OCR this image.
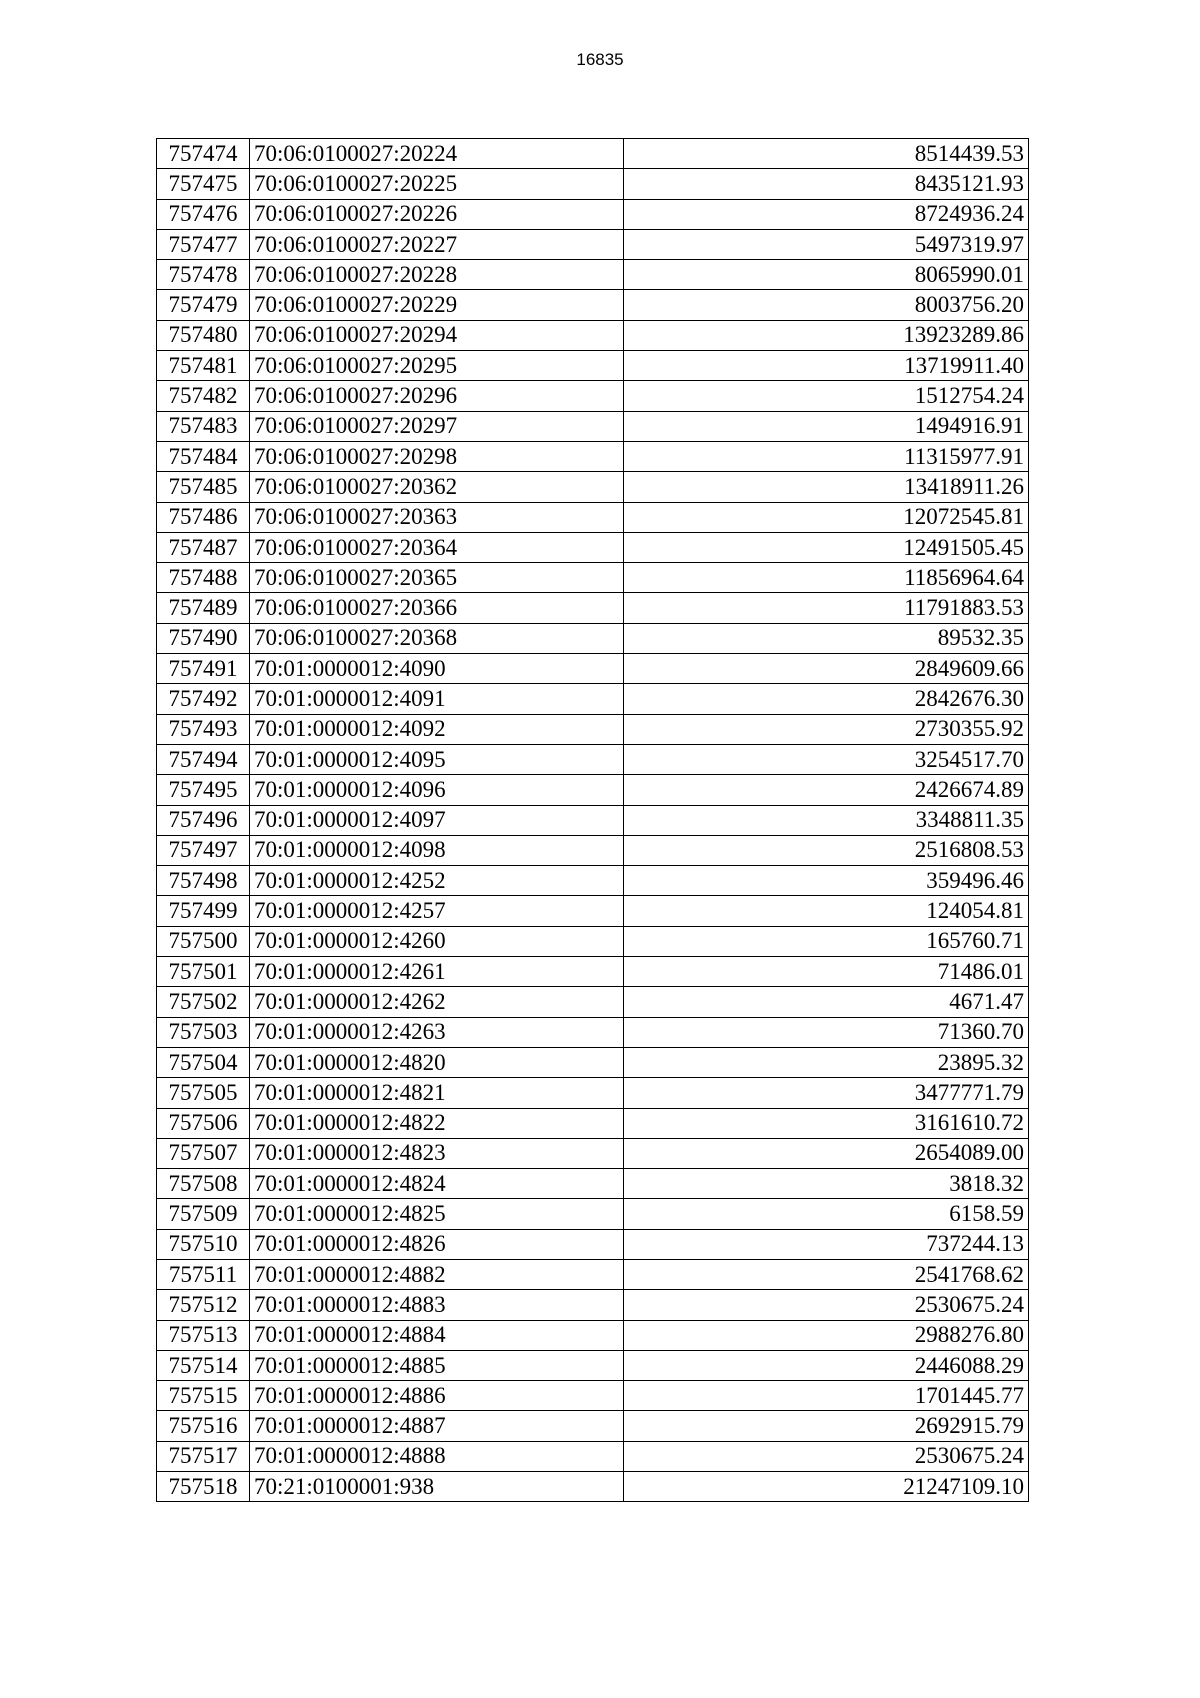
16835
757474	70:06:0100027:20224	8514439.53
757475	70:06:0100027:20225	8435121.93
757476	70:06:0100027:20226	8724936.24
757477	70:06:0100027:20227	5497319.97
757478	70:06:0100027:20228	8065990.01
757479	70:06:0100027:20229	8003756.20
757480	70:06:0100027:20294	13923289.86
757481	70:06:0100027:20295	13719911.40
757482	70:06:0100027:20296	1512754.24
757483	70:06:0100027:20297	1494916.91
757484	70:06:0100027:20298	11315977.91
757485	70:06:0100027:20362	13418911.26
757486	70:06:0100027:20363	12072545.81
757487	70:06:0100027:20364	12491505.45
757488	70:06:0100027:20365	11856964.64
757489	70:06:0100027:20366	11791883.53
757490	70:06:0100027:20368	89532.35
757491	70:01:0000012:4090	2849609.66
757492	70:01:0000012:4091	2842676.30
757493	70:01:0000012:4092	2730355.92
757494	70:01:0000012:4095	3254517.70
757495	70:01:0000012:4096	2426674.89
757496	70:01:0000012:4097	3348811.35
757497	70:01:0000012:4098	2516808.53
757498	70:01:0000012:4252	359496.46
757499	70:01:0000012:4257	124054.81
757500	70:01:0000012:4260	165760.71
757501	70:01:0000012:4261	71486.01
757502	70:01:0000012:4262	4671.47
757503	70:01:0000012:4263	71360.70
757504	70:01:0000012:4820	23895.32
757505	70:01:0000012:4821	3477771.79
757506	70:01:0000012:4822	3161610.72
757507	70:01:0000012:4823	2654089.00
757508	70:01:0000012:4824	3818.32
757509	70:01:0000012:4825	6158.59
757510	70:01:0000012:4826	737244.13
757511	70:01:0000012:4882	2541768.62
757512	70:01:0000012:4883	2530675.24
757513	70:01:0000012:4884	2988276.80
757514	70:01:0000012:4885	2446088.29
757515	70:01:0000012:4886	1701445.77
757516	70:01:0000012:4887	2692915.79
757517	70:01:0000012:4888	2530675.24
757518	70:21:0100001:938	21247109.10
